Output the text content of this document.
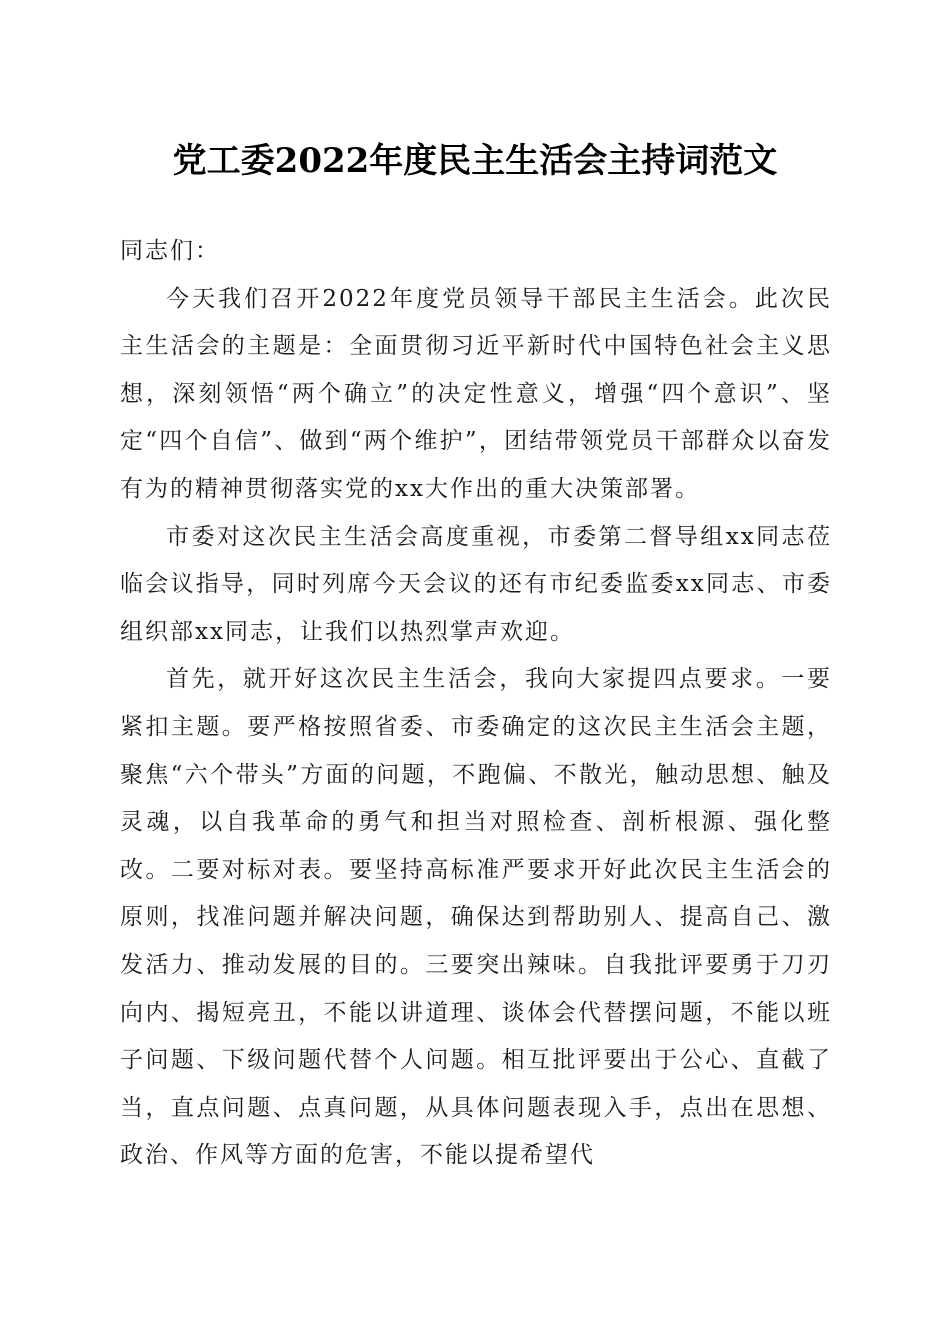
党工委2022年度民主生活会主持词范文

同志们：

今天我们召开2022年度党员领导干部民主生活会。此次民主生活会的主题是：全面贯彻习近平新时代中国特色社会主义思想，深刻领悟“两个确立”的决定性意义，增强“四个意识”、坚定“四个自信”、做到“两个维护”，团结带领党员干部群众以奋发有为的精神贯彻落实党的xx大作出的重大决策部署。

市委对这次民主生活会高度重视，市委第二督导组xx同志莅临会议指导，同时列席今天会议的还有市纪委监委xx同志、市委组织部xx同志，让我们以热烈掌声欢迎。

首先，就开好这次民主生活会，我向大家提四点要求。一要紧扣主题。要严格按照省委、市委确定的这次民主生活会主题，聚焦“六个带头”方面的问题，不跑偏、不散光，触动思想、触及灵魂，以自我革命的勇气和担当对照检查、剖析根源、强化整改。二要对标对表。要坚持高标准严要求开好此次民主生活会的原则，找准问题并解决问题，确保达到帮助别人、提高自己、激发活力、推动发展的目的。三要突出辣味。自我批评要勇于刀刃向内、揭短亮丑，不能以讲道理、谈体会代替摆问题，不能以班子问题、下级问题代替个人问题。相互批评要出于公心、直截了当，直点问题、点真问题，从具体问题表现入手，点出在思想、政治、作风等方面的危害，不能以提希望代
